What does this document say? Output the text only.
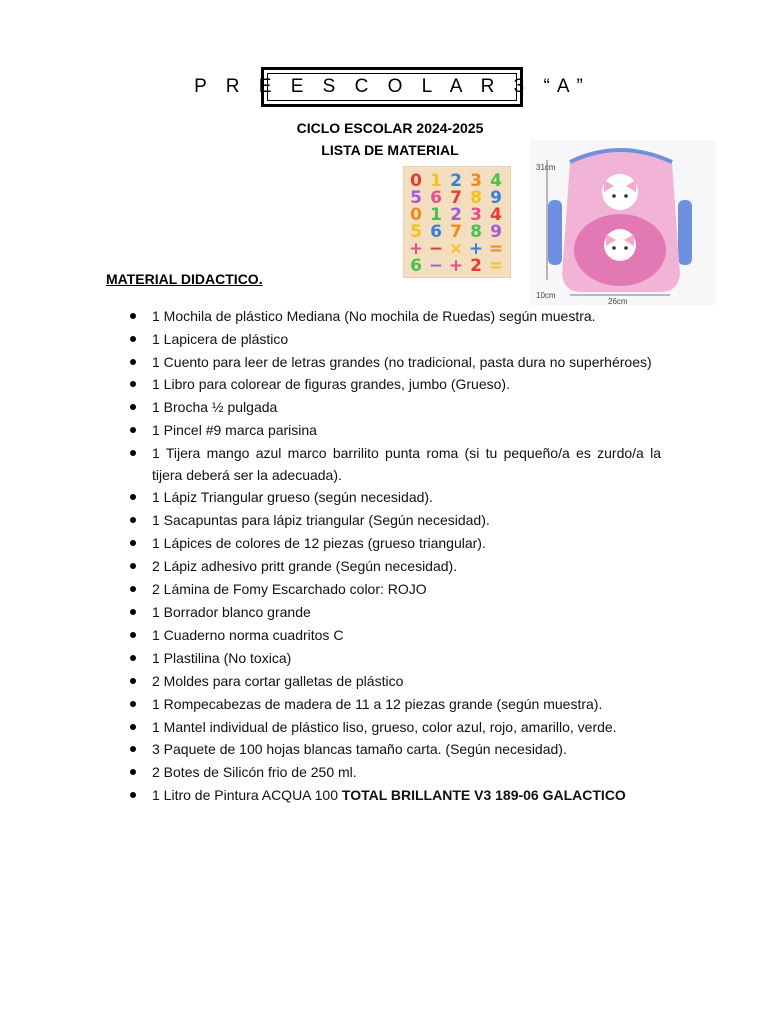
P R E E S C O L A R 3 “A”
CICLO ESCOLAR 2024-2025
LISTA DE MATERIAL
0 1 2 3 4
5 6 7 8 9
0 1 2 3 4
5 6 7 8 9
+ − × + =
6 − + 2 =
31cm
10cm
26cm
MATERIAL DIDACTICO.
1 Mochila de plástico Mediana (No mochila de Ruedas) según muestra.
1 Lapicera de plástico
1 Cuento para leer de letras grandes (no tradicional, pasta dura no superhéroes)
1 Libro para colorear de figuras grandes, jumbo (Grueso).
1 Brocha ½ pulgada
1 Pincel #9 marca parisina
1 Tijera mango azul marco barrilito punta roma (si tu pequeño/a es zurdo/a la tijera deberá ser la adecuada).
1 Lápiz Triangular grueso (según necesidad).
1 Sacapuntas para lápiz triangular (Según necesidad).
1 Lápices de colores de 12 piezas (grueso triangular).
2 Lápiz adhesivo pritt grande (Según necesidad).
2 Lámina de Fomy Escarchado color: ROJO
1 Borrador blanco grande
1 Cuaderno norma cuadritos C
1 Plastilina (No toxica)
2 Moldes para cortar galletas de plástico
1 Rompecabezas de madera de 11 a 12 piezas grande (según muestra).
1 Mantel individual de plástico liso, grueso, color azul, rojo, amarillo, verde.
3 Paquete de 100 hojas blancas tamaño carta. (Según necesidad).
2 Botes de Silicón frio de 250 ml.
1 Litro de Pintura ACQUA 100 TOTAL BRILLANTE V3 189-06 GALACTICO
